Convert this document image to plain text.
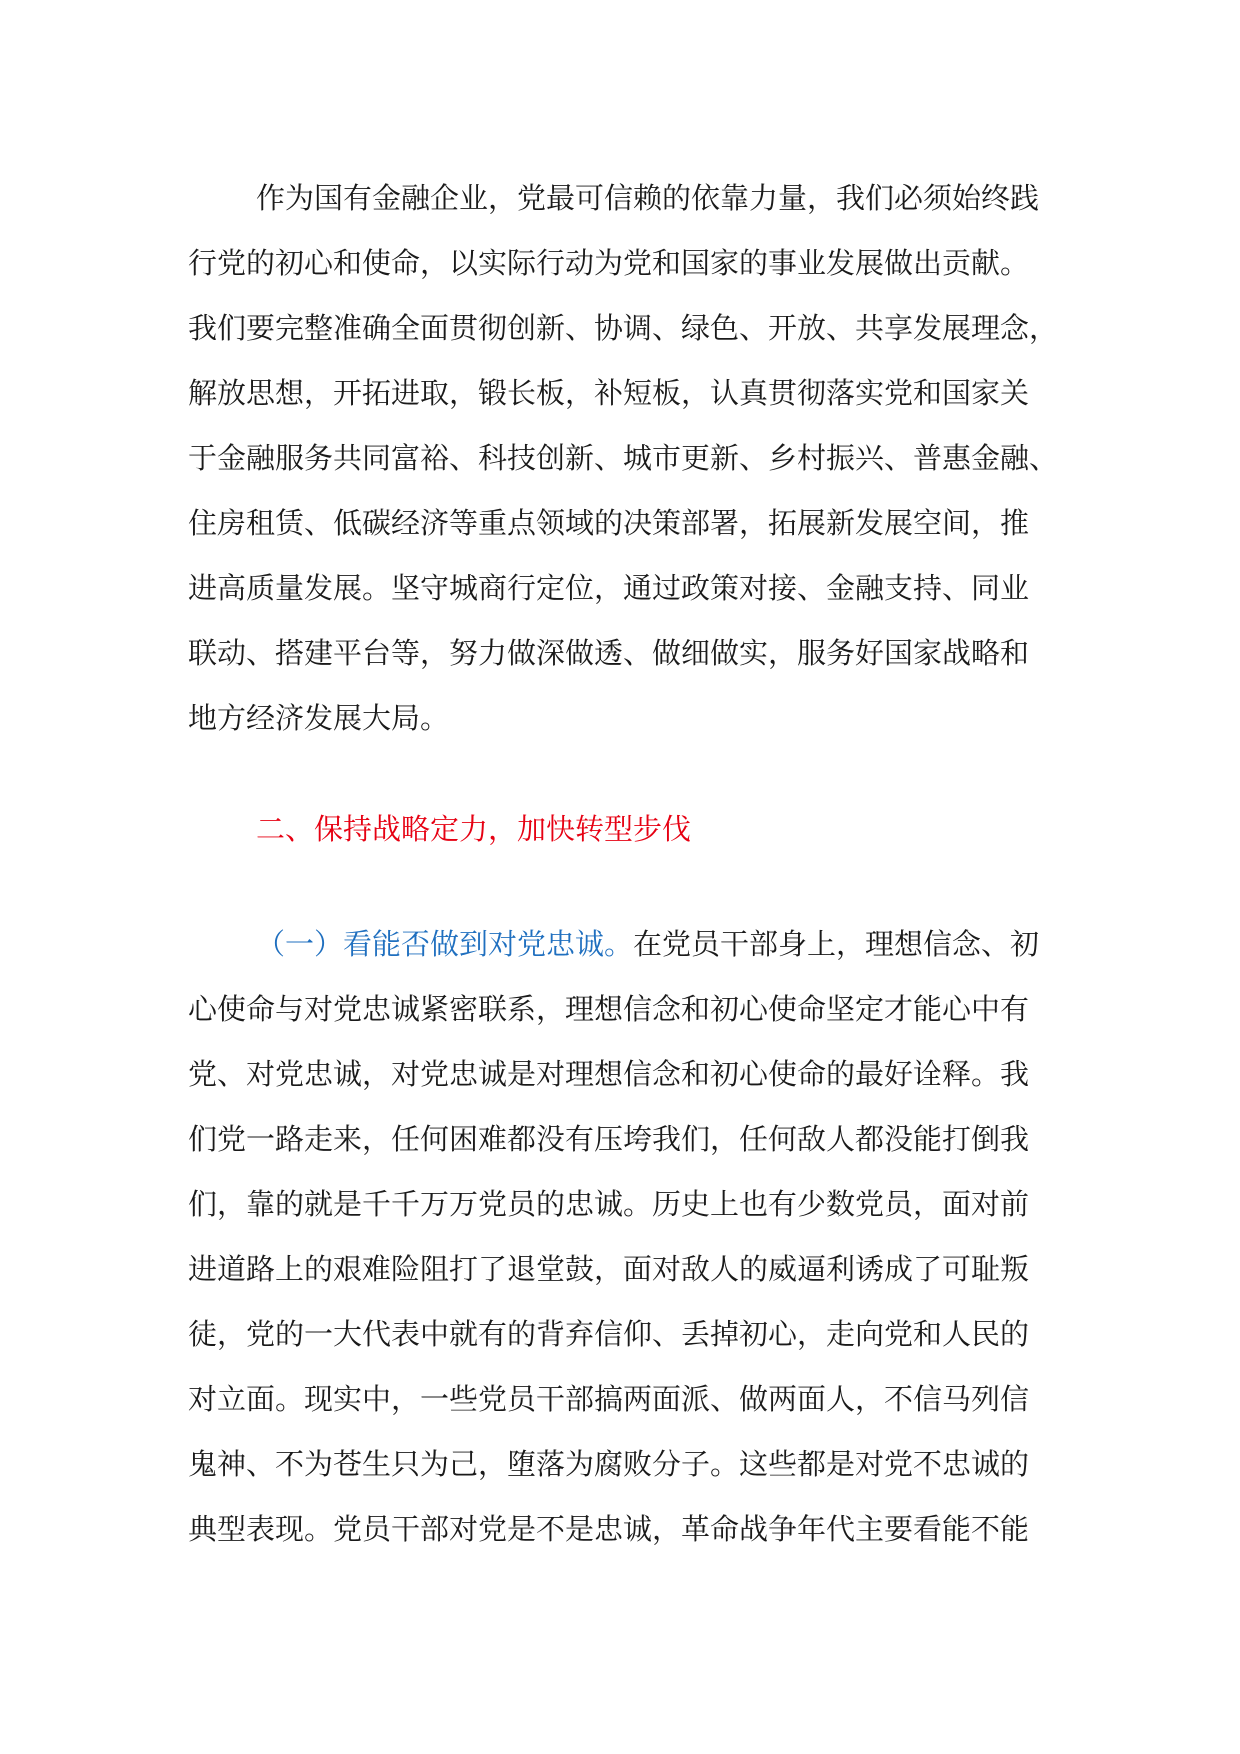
作为国有金融企业，党最可信赖的依靠力量，我们必须始终践
行党的初心和使命，以实际行动为党和国家的事业发展做出贡献。
我们要完整准确全面贯彻创新、协调、绿色、开放、共享发展理念，
解放思想，开拓进取，锻长板，补短板，认真贯彻落实党和国家关
于金融服务共同富裕、科技创新、城市更新、乡村振兴、普惠金融、
住房租赁、低碳经济等重点领域的决策部署，拓展新发展空间，推
进高质量发展。坚守城商行定位，通过政策对接、金融支持、同业
联动、搭建平台等，努力做深做透、做细做实，服务好国家战略和
地方经济发展大局。
二、保持战略定力，加快转型步伐
（一）看能否做到对党忠诚。在党员干部身上，理想信念、初
心使命与对党忠诚紧密联系，理想信念和初心使命坚定才能心中有
党、对党忠诚，对党忠诚是对理想信念和初心使命的最好诠释。我
们党一路走来，任何困难都没有压垮我们，任何敌人都没能打倒我
们，靠的就是千千万万党员的忠诚。历史上也有少数党员，面对前
进道路上的艰难险阻打了退堂鼓，面对敌人的威逼利诱成了可耻叛
徒，党的一大代表中就有的背弃信仰、丢掉初心，走向党和人民的
对立面。现实中，一些党员干部搞两面派、做两面人，不信马列信
鬼神、不为苍生只为己，堕落为腐败分子。这些都是对党不忠诚的
典型表现。党员干部对党是不是忠诚，革命战争年代主要看能不能
